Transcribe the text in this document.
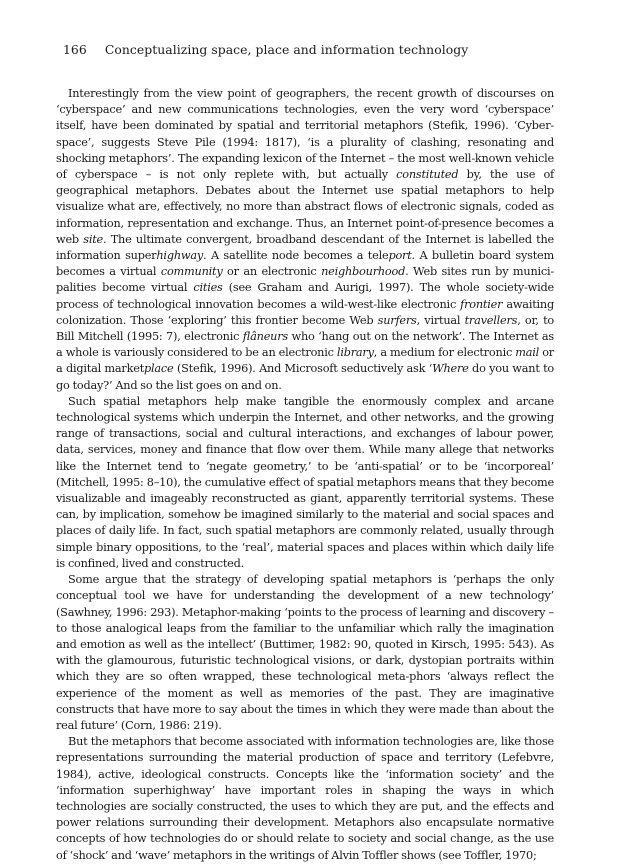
166 Conceptualizing space, place and information technology

Interestingly from the view point of geographers, the recent growth of discourses on ‘cyberspace’ and new communications technologies, even the very word ‘cyberspace’ itself, have been dominated by spatial and territorial metaphors (Stefik, 1996). ‘Cyber-space’, suggests Steve Pile (1994: 1817), ‘is a plurality of clashing, resonating and shocking metaphors’. The expanding lexicon of the Internet – the most well-known vehicle of cyberspace – is not only replete with, but actually constituted by, the use of geographical metaphors. Debates about the Internet use spatial metaphors to help visualize what are, effectively, no more than abstract flows of electronic signals, coded as information, representation and exchange. Thus, an Internet point-of-presence becomes a web site. The ultimate convergent, broadband descendant of the Internet is labelled the information superhighway. A satellite node becomes a teleport. A bulletin board system becomes a virtual community or an electronic neighbourhood. Web sites run by munici-palities become virtual cities (see Graham and Aurigi, 1997). The whole society-wide process of technological innovation becomes a wild-west-like electronic frontier awaiting colonization. Those ‘exploring’ this frontier become Web surfers, virtual travellers, or, to Bill Mitchell (1995: 7), electronic flâneurs who ‘hang out on the network’. The Internet as a whole is variously considered to be an electronic library, a medium for electronic mail or a digital marketplace (Stefik, 1996). And Microsoft seductively ask ‘Where do you want to go today?’ And so the list goes on and on.

Such spatial metaphors help make tangible the enormously complex and arcane technological systems which underpin the Internet, and other networks, and the growing range of transactions, social and cultural interactions, and exchanges of labour power, data, services, money and finance that flow over them. While many allege that networks like the Internet tend to ‘negate geometry,’ to be ‘anti-spatial’ or to be ‘incorporeal’ (Mitchell, 1995: 8–10), the cumulative effect of spatial metaphors means that they become visualizable and imageably reconstructed as giant, apparently territorial systems. These can, by implication, somehow be imagined similarly to the material and social spaces and places of daily life. In fact, such spatial metaphors are commonly related, usually through simple binary oppositions, to the ‘real’, material spaces and places within which daily life is confined, lived and constructed.

Some argue that the strategy of developing spatial metaphors is ‘perhaps the only conceptual tool we have for understanding the development of a new technology’ (Sawhney, 1996: 293). Metaphor-making ‘points to the process of learning and discovery – to those analogical leaps from the familiar to the unfamiliar which rally the imagination and emotion as well as the intellect’ (Buttimer, 1982: 90, quoted in Kirsch, 1995: 543). As with the glamourous, futuristic technological visions, or dark, dystopian portraits within which they are so often wrapped, these technological meta-phors ‘always reflect the experience of the moment as well as memories of the past. They are imaginative constructs that have more to say about the times in which they were made than about the real future’ (Corn, 1986: 219).

But the metaphors that become associated with information technologies are, like those representations surrounding the material production of space and territory (Lefebvre, 1984), active, ideological constructs. Concepts like the ‘information society’ and the ‘information superhighway’ have important roles in shaping the ways in which technologies are socially constructed, the uses to which they are put, and the effects and power relations surrounding their development. Metaphors also encapsulate normative concepts of how technologies do or should relate to society and social change, as the use of ‘shock’ and ‘wave’ metaphors in the writings of Alvin Toffler shows (see Toffler, 1970;
